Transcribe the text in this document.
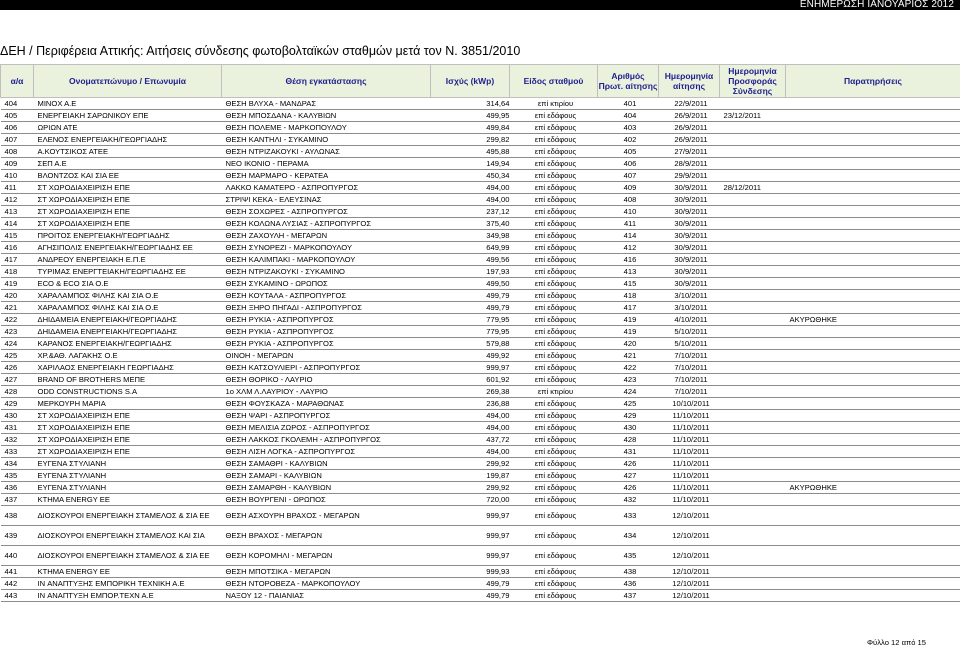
ΕΝΗΜΕΡΩΣΗ ΙΑΝΟΥΑΡΙΟΣ 2012
ΔΕΗ / Περιφέρεια Αττικής: Αιτήσεις σύνδεσης φωτοβολταϊκών σταθμών μετά τον Ν. 3851/2010
α/α	Ονοματεπώνυμο / Επωνυμία	Θέση εγκατάστασης	Ισχύς (kWp)	Είδος σταθμού	Αριθμός Πρωτ. αίτησης	Ημερομηνία αίτησης	Ημερομηνία Προσφοράς Σύνδεσης	Παρατηρήσεις
404	ΜΙΝΟΧ Α.Ε	ΘΕΣΗ ΒΛΥΧΑ - ΜΑΝΔΡΑΣ	314,64	επί κτιρίου	401	22/9/2011		
405	ΕΝΕΡΓΕΙΑΚΗ ΣΑΡΩΝΙΚΟΥ ΕΠΕ	ΘΕΣΗ ΜΠΟΣΔΑΝΑ - ΚΑΛΥΒΙΩΝ	499,95	επί εδάφους	404	26/9/2011	23/12/2011	
406	ΩΡΙΩΝ ΑΤΕ	ΘΕΣΗ ΠΟΛΕΜΕ - ΜΑΡΚΟΠΟΥΛΟΥ	499,84	επί εδάφους	403	26/9/2011		
407	ΕΛΕΝΟΣ ΕΝΕΡΓΕΙΑΚΗ/ΓΕΩΡΓΙΑΔΗΣ	ΘΕΣΗ ΚΑΝΤΗΛΙ - ΣΥΚΑΜΙΝΟ	299,82	επί εδάφους	402	26/9/2011		
408	Α.ΚΟΥΤΣΙΚΟΣ ΑΤΕΕ	ΘΕΣΗ ΝΤΡΙΖΑΚΟΥΚΙ - ΑΥΛΩΝΑΣ	495,88	επί εδάφους	405	27/9/2011		
409	ΣΕΠ Α.Ε	ΝΕΟ ΙΚΟΝΙΟ - ΠΕΡΑΜΑ	149,94	επί εδάφους	406	28/9/2011		
410	ΒΛΟΝΤΖΟΣ ΚΑΙ ΣΙΑ ΕΕ	ΘΕΣΗ ΜΑΡΜΑΡΟ - ΚΕΡΑΤΕΑ	450,34	επί εδάφους	407	29/9/2011		
411	ΣΤ ΧΩΡΟΔΙΑΧΕΙΡΙΣΗ ΕΠΕ	ΛΑΚΚΟ ΚΑΜΑΤΕΡΟ - ΑΣΠΡΟΠΥΡΓΟΣ	494,00	επί εδάφους	409	30/9/2011	28/12/2011	
412	ΣΤ ΧΩΡΟΔΙΑΧΕΙΡΙΣΗ ΕΠΕ	ΣΤΡΙΨΙ ΚΕΚΑ - ΕΛΕΥΣΙΝΑΣ	494,00	επί εδάφους	408	30/9/2011		
413	ΣΤ ΧΩΡΟΔΙΑΧΕΙΡΙΣΗ ΕΠΕ	ΘΕΣΗ ΣΟΧΩΡΕΣ - ΑΣΠΡΟΠΥΡΓΟΣ	237,12	επί εδάφους	410	30/9/2011		
414	ΣΤ ΧΩΡΟΔΙΑΧΕΙΡΙΣΗ ΕΠΕ	ΘΕΣΗ ΚΟΛΩΝΑ ΛΥΣΙΑΣ - ΑΣΠΡΟΠΥΡΓΟΣ	375,40	επί εδάφους	411	30/9/2011		
415	ΠΡΟΙΤΟΣ ΕΝΕΡΓΕΙΑΚΗ/ΓΕΩΡΓΙΑΔΗΣ	ΘΕΣΗ ΖΑΧΟΥΛΗ - ΜΕΓΑΡΩΝ	349,98	επί εδάφους	414	30/9/2011		
416	ΑΓΗΣΙΠΟΛΙΣ ΕΝΕΡΓΕΙΑΚΗ/ΓΕΩΡΓΙΑΔΗΣ ΕΕ	ΘΕΣΗ ΣΥΝΟΡΕΖΙ - ΜΑΡΚΟΠΟΥΛΟΥ	649,99	επί εδάφους	412	30/9/2011		
417	ΑΝΔΡΕΟΥ ΕΝΕΡΓΕΙΑΚΗ Ε.Π.Ε	ΘΕΣΗ ΚΑΛΙΜΠΑΚΙ - ΜΑΡΚΟΠΟΥΛΟΥ	499,56	επί εδάφους	416	30/9/2011		
418	ΤΥΡΙΜΑΣ ΕΝΕΡΓΤΕΙΑΚΗ/ΓΕΩΡΓΙΑΔΗΣ ΕΕ	ΘΕΣΗ ΝΤΡΙΖΑΚΟΥΚΙ - ΣΥΚΑΜΙΝΟ	197,93	επί εδάφους	413	30/9/2011		
419	ECO & ECO ΣΙΑ Ο.Ε	ΘΕΣΗ ΣΥΚΑΜΙΝΟ - ΩΡΩΠΟΣ	499,50	επί εδάφους	415	30/9/2011		
420	ΧΑΡΑΛΑΜΠΟΣ ΦΙΛΗΣ ΚΑΙ ΣΙΑ Ο.Ε	ΘΕΣΗ ΚΟΥΤΑΛΑ - ΑΣΠΡΟΠΥΡΓΟΣ	499,79	επί εδάφους	418	3/10/2011		
421	ΧΑΡΑΛΑΜΠΟΣ ΦΙΛΗΣ ΚΑΙ ΣΙΑ Ο.Ε	ΘΕΣΗ ΞΗΡΟ ΠΗΓΑΔΙ - ΑΣΠΡΟΠΥΡΓΟΣ	499,79	επί εδάφους	417	3/10/2011		
422	ΔΗΙΔΑΜΕΙΑ ΕΝΕΡΓΕΙΑΚΗ/ΓΕΩΡΓΙΑΔΗΣ	ΘΕΣΗ ΡΥΚΙΑ - ΑΣΠΡΟΠΥΡΓΟΣ	779,95	επί εδάφους	419	4/10/2011		ΑΚΥΡΩΘΗΚΕ
423	ΔΗΙΔΑΜΕΙΑ ΕΝΕΡΓΕΙΑΚΗ/ΓΕΩΡΓΙΑΔΗΣ	ΘΕΣΗ ΡΥΚΙΑ - ΑΣΠΡΟΠΥΡΓΟΣ	779,95	επί εδάφους	419	5/10/2011		
424	ΚΑΡΑΝΟΣ ΕΝΕΡΓΕΙΑΚΗ/ΓΕΩΡΓΙΑΔΗΣ	ΘΕΣΗ ΡΥΚΙΑ - ΑΣΠΡΟΠΥΡΓΟΣ	579,88	επί εδάφους	420	5/10/2011		
425	ΧΡ.&ΑΘ. ΛΑΓΑΚΗΣ Ο.Ε	ΟΙΝΟΗ - ΜΕΓΑΡΩΝ	499,92	επί εδάφους	421	7/10/2011		
426	ΧΑΡΙΛΑΟΣ ΕΝΕΡΓΕΙΑΚΗ ΓΕΩΡΓΙΑΔΗΣ	ΘΕΣΗ ΚΑΤΣΟΥΛΙΕΡΙ - ΑΣΠΡΟΠΥΡΓΟΣ	999,97	επί εδάφους	422	7/10/2011		
427	BRAND OF BROTHERS ΜΕΠΕ	ΘΕΣΗ ΘΟΡΙΚΟ - ΛΑΥΡΙΟ	601,92	επί εδάφους	423	7/10/2011		
428	ODD CONSTRUCTIONS S.A	1ο ΧΛΜ Λ.ΛΑΥΡΙΟΥ - ΛΑΥΡΙΟ	269,38	επί κτιρίου	424	7/10/2011		
429	ΜΕΡΚΟΥΡΗ ΜΑΡΙΑ	ΘΕΣΗ ΦΟΥΣΚΑΖΑ - ΜΑΡΑΘΩΝΑΣ	236,88	επί εδάφους	425	10/10/2011		
430	ΣΤ ΧΩΡΟΔΙΑΧΕΙΡΙΣΗ ΕΠΕ	ΘΕΣΗ ΨΑΡΙ - ΑΣΠΡΟΠΥΡΓΟΣ	494,00	επί εδάφους	429	11/10/2011		
431	ΣΤ ΧΩΡΟΔΙΑΧΕΙΡΙΣΗ ΕΠΕ	ΘΕΣΗ ΜΕΛΙΣΙΑ ΖΩΡΟΣ - ΑΣΠΡΟΠΥΡΓΟΣ	494,00	επί εδάφους	430	11/10/2011		
432	ΣΤ ΧΩΡΟΔΙΑΧΕΙΡΙΣΗ ΕΠΕ	ΘΕΣΗ ΛΑΚΚΟΣ ΓΚΟΛΕΜΗ - ΑΣΠΡΟΠΥΡΓΟΣ	437,72	επί εδάφους	428	11/10/2011		
433	ΣΤ ΧΩΡΟΔΙΑΧΕΙΡΙΣΗ ΕΠΕ	ΘΕΣΗ ΛΙΣΗ ΛΟΓΚΑ - ΑΣΠΡΟΠΥΡΓΟΣ	494,00	επί εδάφους	431	11/10/2011		
434	ΕΥΓΕΝΑ ΣΤΥΛΙΑΝΗ	ΘΕΣΗ ΣΑΜΑΘΡΙ - ΚΑΛΥΒΙΩΝ	299,92	επί εδάφους	426	11/10/2011		
435	ΕΥΓΕΝΑ ΣΤΥΛΙΑΝΗ	ΘΕΣΗ ΣΑΜΑΡΙ - ΚΑΛΥΒΙΩΝ	199,87	επί εδάφους	427	11/10/2011		
436	ΕΥΓΕΝΑ ΣΤΥΛΙΑΝΗ	ΘΕΣΗ ΣΑΜΑΡΘΗ - ΚΑΛΥΒΙΩΝ	299,92	επί εδάφους	426	11/10/2011		ΑΚΥΡΩΘΗΚΕ
437	ΚΤΗΜΑ ENERGY ΕΕ	ΘΕΣΗ ΒΟΥΡΓΕΝΙ - ΩΡΩΠΟΣ	720,00	επί εδάφους	432	11/10/2011		
438	ΔΙΟΣΚΟΥΡΟΙ ΕΝΕΡΓΕΙΑΚΗ ΣΤΑΜΕΛΟΣ & ΣΙΑ ΕΕ	ΘΕΣΗ ΑΣΧΟΥΡΗ ΒΡΑΧΟΣ - ΜΕΓΑΡΩΝ	999,97	επί εδάφους	433	12/10/2011		
439	ΔΙΟΣΚΟΥΡΟΙ ΕΝΕΡΓΕΙΑΚΗ ΣΤΑΜΕΛΟΣ ΚΑΙ ΣΙΑ	ΘΕΣΗ ΒΡΑΧΟΣ - ΜΕΓΑΡΩΝ	999,97	επί εδάφους	434	12/10/2011		
440	ΔΙΟΣΚΟΥΡΟΙ ΕΝΕΡΓΕΙΑΚΗ ΣΤΑΜΕΛΟΣ & ΣΙΑ ΕΕ	ΘΕΣΗ ΚΟΡΟΜΗΛΙ - ΜΕΓΑΡΩΝ	999,97	επί εδάφους	435	12/10/2011		
441	ΚΤΗΜΑ ENERGY ΕΕ	ΘΕΣΗ ΜΠΟΤΣΙΚΑ - ΜΕΓΑΡΩΝ	999,93	επί εδάφους	438	12/10/2011		
442	IN ΑΝΑΠΤΥΞΗΣ ΕΜΠΟΡΙΚΗ ΤΕΧΝΙΚΗ Α.Ε	ΘΕΣΗ ΝΤΟΡΟΒΕΖΑ - ΜΑΡΚΟΠΟΥΛΟΥ	499,79	επί εδάφους	436	12/10/2011		
443	IN ΑΝΑΠΤΥΞΗ ΕΜΠΟΡ.ΤΕΧΝ Α.Ε	ΝΑΞΟΥ 12 - ΠΑΙΑΝΙΑΣ	499,79	επί εδάφους	437	12/10/2011		
Φύλλο 12 από 15
